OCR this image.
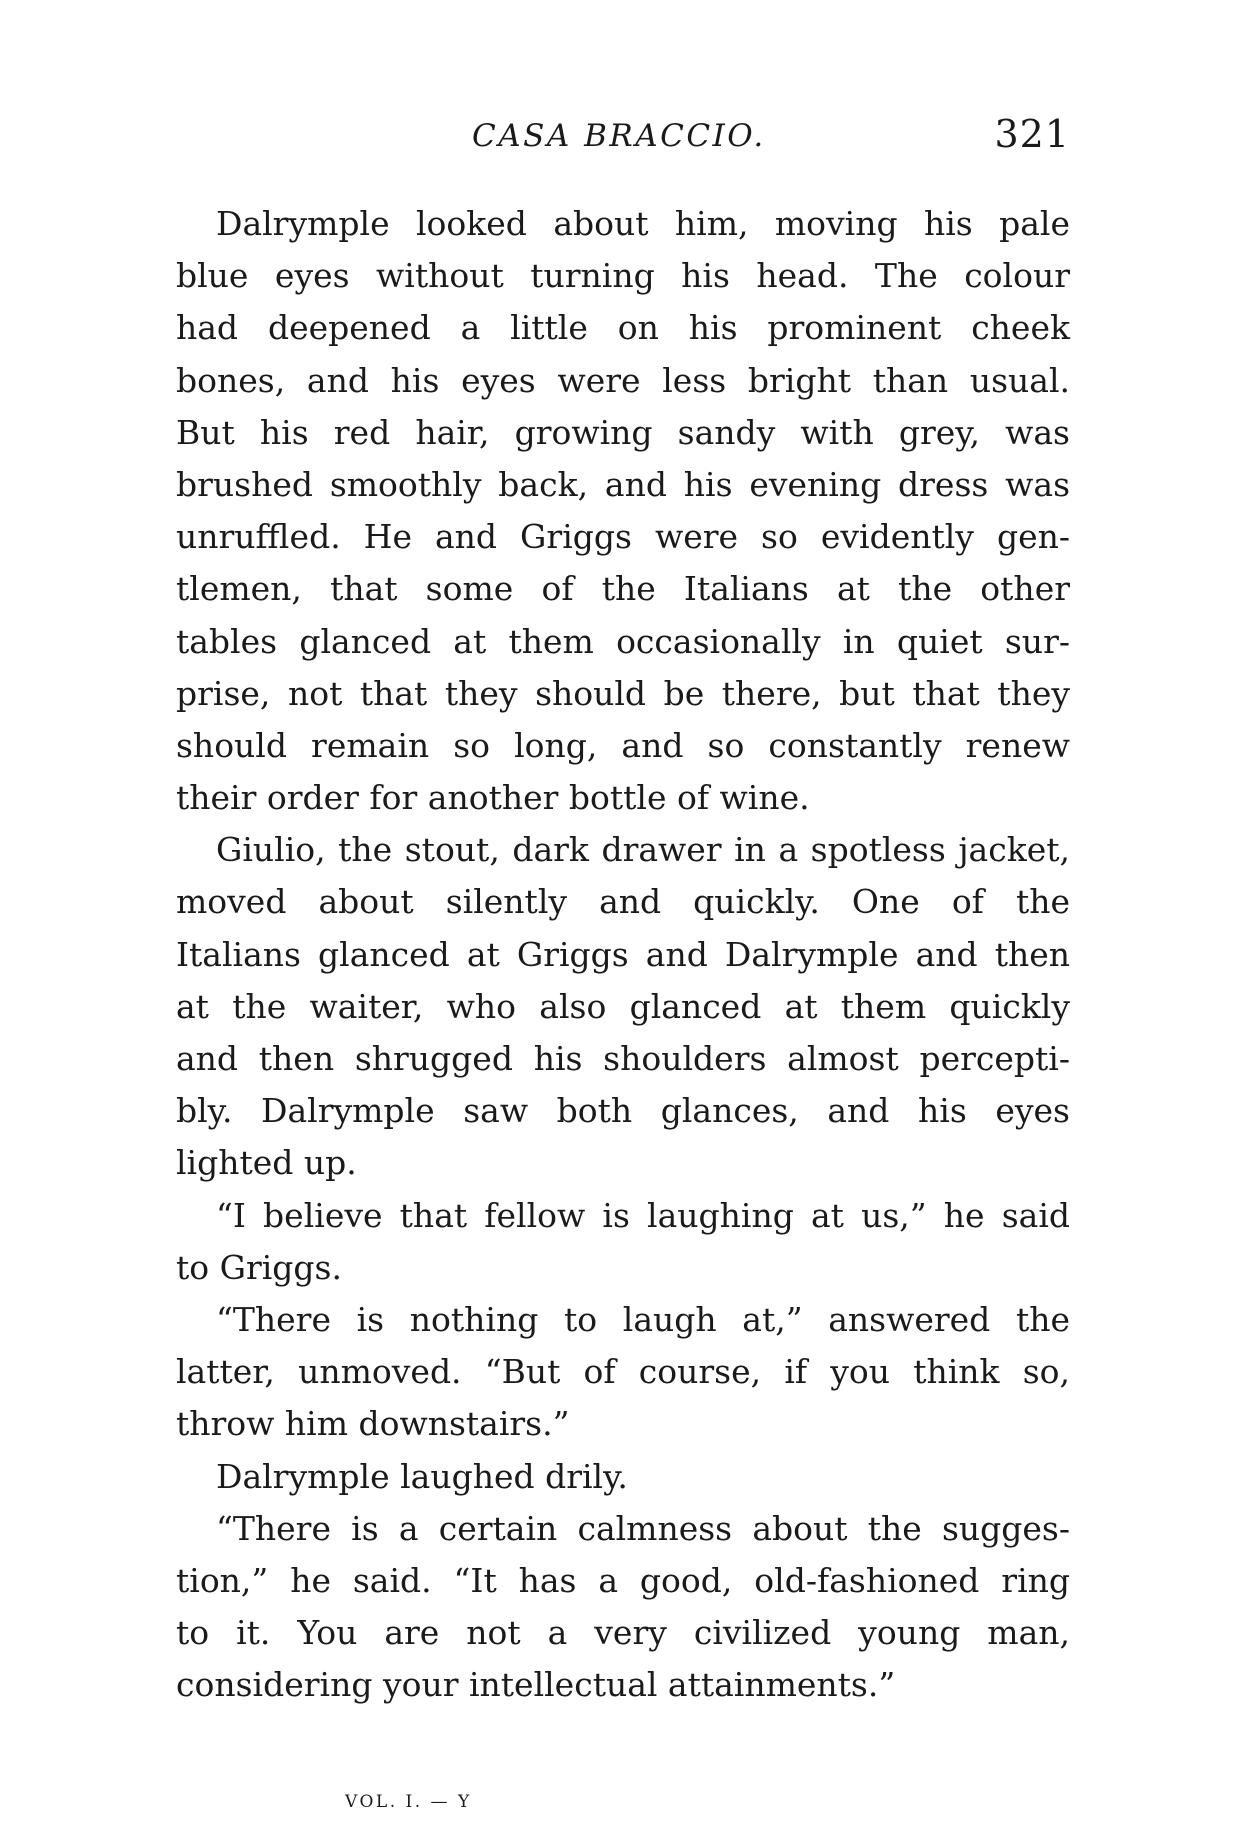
CASA BRACCIO.	321
Dalrymple looked about him, moving his pale
blue eyes without turning his head. The colour
had deepened a little on his prominent cheek
bones, and his eyes were less bright than usual.
But his red hair, growing sandy with grey, was
brushed smoothly back, and his evening dress was
unruffled. He and Griggs were so evidently gen-
tlemen, that some of the Italians at the other
tables glanced at them occasionally in quiet sur-
prise, not that they should be there, but that they
should remain so long, and so constantly renew
their order for another bottle of wine.
Giulio, the stout, dark drawer in a spotless jacket,
moved about silently and quickly. One of the
Italians glanced at Griggs and Dalrymple and then
at the waiter, who also glanced at them quickly
and then shrugged his shoulders almost percepti-
bly. Dalrymple saw both glances, and his eyes
lighted up.
“I believe that fellow is laughing at us,” he said
to Griggs.
“There is nothing to laugh at,” answered the
latter, unmoved. “But of course, if you think so,
throw him downstairs.”
Dalrymple laughed drily.
“There is a certain calmness about the sugges-
tion,” he said. “It has a good, old-fashioned ring
to it. You are not a very civilized young man,
considering your intellectual attainments.”
VOL. I. — Y
